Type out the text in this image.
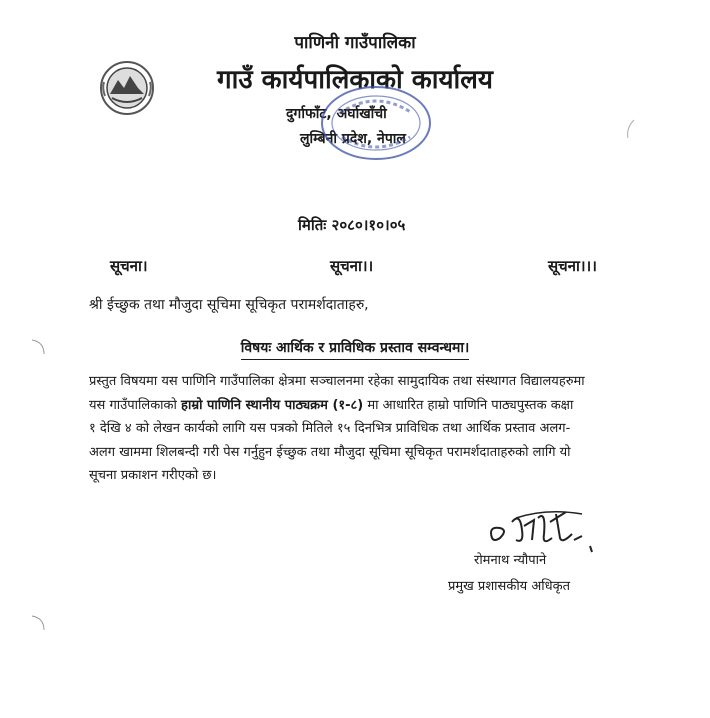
पाणिनी गाउँपालिका
गाउँ कार्यपालिकाको कार्यालय
दुर्गाफाँट, अर्घाखाँची
लुम्बिनी प्रदेश, नेपाल
मितिः २०८०।१०।०५
सूचना।	सूचना।।	सूचना।।।
श्री ईच्छुक तथा मौजुदा सूचिमा सूचिकृत परामर्शदाताहरु,
विषयः आर्थिक र प्राविधिक प्रस्ताव सम्वन्धमा।
प्रस्तुत विषयमा यस पाणिनि गाउँपालिका क्षेत्रमा सञ्चालनमा रहेका सामुदायिक तथा संस्थागत विद्यालयहरुमा
यस गाउँपालिकाको हाम्रो पाणिनि स्थानीय पाठ्यक्रम (१-८) मा आधारित हाम्रो पाणिनि पाठ्यपुस्तक कक्षा
१ देखि ४ को लेखन कार्यको लागि यस पत्रको मितिले १५ दिनभित्र प्राविधिक तथा आर्थिक प्रस्ताव अलग-
अलग खाममा शिलबन्दी गरी पेस गर्नुहुन ईच्छुक तथा मौजुदा सूचिमा सूचिकृत परामर्शदाताहरुको लागि यो
सूचना प्रकाशन गरीएको छ।
रोमनाथ न्यौपाने
प्रमुख प्रशासकीय अधिकृत
